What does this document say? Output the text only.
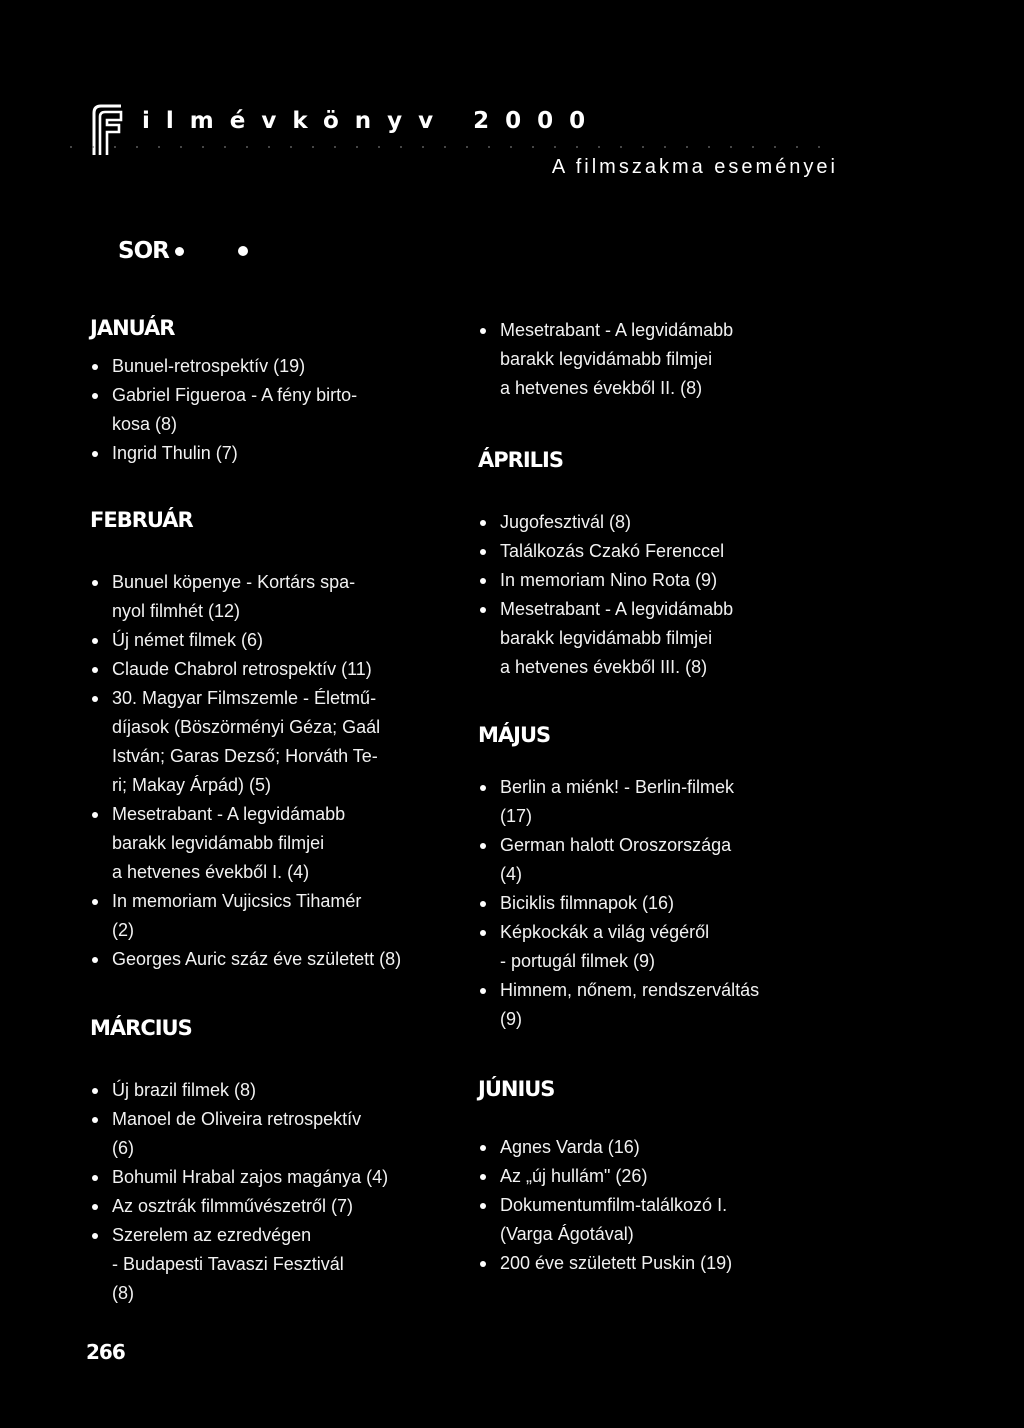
ilmévkönyv 2000
A filmszakma eseményei
SOR
JANUÁR
Bunuel-retrospektív (19)
Gabriel Figueroa - A fény birto-
kosa (8)
Ingrid Thulin (7)
FEBRUÁR
Bunuel köpenye - Kortárs spa-
nyol filmhét (12)
Új német filmek (6)
Claude Chabrol retrospektív (11)
30. Magyar Filmszemle - Életmű-
díjasok (Böszörményi Géza; Gaál
István; Garas Dezső; Horváth Te-
ri; Makay Árpád) (5)
Mesetrabant - A legvidámabb
barakk legvidámabb filmjei
a hetvenes évekből I. (4)
In memoriam Vujicsics Tihamér
(2)
Georges Auric száz éve született (8)
MÁRCIUS
Új brazil filmek (8)
Manoel de Oliveira retrospektív
(6)
Bohumil Hrabal zajos magánya (4)
Az osztrák filmművészetről (7)
Szerelem az ezredvégen
- Budapesti Tavaszi Fesztivál
(8)
Mesetrabant - A legvidámabb
barakk legvidámabb filmjei
a hetvenes évekből II. (8)
ÁPRILIS
Jugofesztivál (8)
Találkozás Czakó Ferenccel
In memoriam Nino Rota (9)
Mesetrabant - A legvidámabb
barakk legvidámabb filmjei
a hetvenes évekből III. (8)
MÁJUS
Berlin a miénk! - Berlin-filmek
(17)
German halott Oroszországa
(4)
Biciklis filmnapok (16)
Képkockák a világ végéről
- portugál filmek (9)
Himnem, nőnem, rendszerváltás
(9)
JÚNIUS
Agnes Varda (16)
Az „új hullám" (26)
Dokumentumfilm-találkozó I.
(Varga Ágotával)
200 éve született Puskin (19)
266
